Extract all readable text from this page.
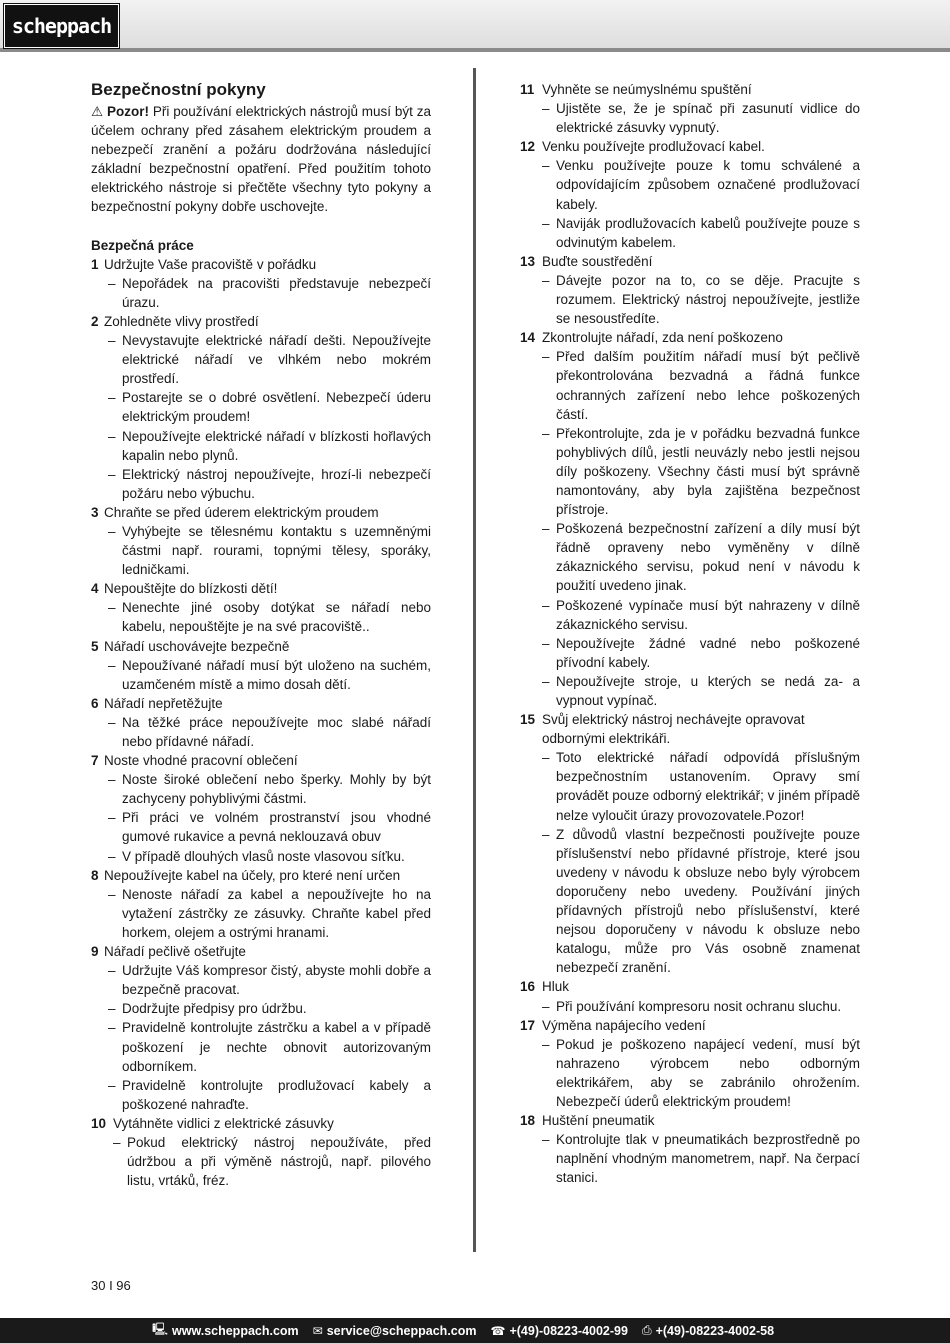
scheppach
Bezpečnostní pokyny
⚠ Pozor! Při používání elektrických nástrojů musí být za účelem ochrany před zásahem elektrickým proudem a nebezpečí zranění a požáru dodržována následující základní bezpečnostní opatření. Před použitím tohoto elektrického nástroje si přečtěte všechny tyto pokyny a bezpečnostní pokyny dobře uschovejte.
Bezpečná práce
1 Udržujte Vaše pracoviště v pořádku
– Nepořádek na pracovišti představuje nebezpečí úrazu.
2 Zohledněte vlivy prostředí
– Nevystavujte elektrické nářadí dešti. Nepoužívejte elektrické nářadí ve vlhkém nebo mokrém prostředí.
– Postarejte se o dobré osvětlení. Nebezpečí úderu elektrickým proudem!
– Nepoužívejte elektrické nářadí v blízkosti hořlavých kapalin nebo plynů.
– Elektrický nástroj nepoužívejte, hrozí-li nebezpečí požáru nebo výbuchu.
3 Chraňte se před úderem elektrickým proudem
– Vyhýbejte se tělesnému kontaktu s uzemněnými částmi např. rourami, topnými tělesy, sporáky, ledničkami.
4 Nepouštějte do blízkosti dětí!
– Nenechte jiné osoby dotýkat se nářadí nebo kabelu, nepouštějte je na své pracoviště..
5 Nářadí uschovávejte bezpečně
– Nepoužívané nářadí musí být uloženo na suchém, uzamčeném místě a mimo dosah dětí.
6 Nářadí nepřetěžujte
– Na těžké práce nepoužívejte moc slabé nářadí nebo přídavné nářadí.
7 Noste vhodné pracovní oblečení
– Noste široké oblečení nebo šperky. Mohly by být zachyceny pohyblivými částmi.
– Při práci ve volném prostranství jsou vhodné gumové rukavice a pevná neklouzavá obuv
– V případě dlouhých vlasů noste vlasovou síťku.
8 Nepoužívejte kabel na účely, pro které není určen
– Nenoste nářadí za kabel a nepoužívejte ho na vytažení zástrčky ze zásuvky. Chraňte kabel před horkem, olejem a ostrými hranami.
9 Nářadí pečlivě ošetřujte
– Udržujte Váš kompresor čistý, abyste mohli dobře a bezpečně pracovat.
– Dodržujte předpisy pro údržbu.
– Pravidelně kontrolujte zástrčku a kabel a v případě poškození je nechte obnovit autorizovaným odborníkem.
– Pravidelně kontrolujte prodlužovací kabely a poškozené nahraďte.
10 Vytáhněte vidlici z elektrické zásuvky
– Pokud elektrický nástroj nepoužíváte, před údržbou a při výměně nástrojů, např. pilového listu, vrtáků, fréz.
11 Vyhněte se neúmyslnému spuštění
– Ujistěte se, že je spínač při zasunutí vidlice do elektrické zásuvky vypnutý.
12 Venku používejte prodlužovací kabel.
– Venku používejte pouze k tomu schválené a odpovídajícím způsobem označené prodlužovací kabely.
– Naviják prodlužovacích kabelů používejte pouze s odvinutým kabelem.
13 Buďte soustředění
– Dávejte pozor na to, co se děje. Pracujte s rozumem. Elektrický nástroj nepoužívejte, jestliže se nesoustředíte.
14 Zkontrolujte nářadí, zda není poškozeno
– Před dalším použitím nářadí musí být pečlivě překontrolována bezvadná a řádná funkce ochranných zařízení nebo lehce poškozených částí.
– Překontrolujte, zda je v pořádku bezvadná funkce pohyblivých dílů, jestli neuvázly nebo jestli nejsou díly poškozeny. Všechny části musí být správně namontovány, aby byla zajištěna bezpečnost přístroje.
– Poškozená bezpečnostní zařízení a díly musí být řádně opraveny nebo vyměněny v dílně zákaznického servisu, pokud není v návodu k použití uvedeno jinak.
– Poškozené vypínače musí být nahrazeny v dílně zákaznického servisu.
– Nepoužívejte žádné vadné nebo poškozené přívodní kabely.
– Nepoužívejte stroje, u kterých se nedá za- a vypnout vypínač.
15 Svůj elektrický nástroj nechávejte opravovat odbornými elektrikáři.
– Toto elektrické nářadí odpovídá příslušným bezpečnostním ustanovením. Opravy smí provádět pouze odborný elektrikář; v jiném případě nelze vyloučit úrazy provozovatele.Pozor!
– Z důvodů vlastní bezpečnosti používejte pouze příslušenství nebo přídavné přístroje, které jsou uvedeny v návodu k obsluze nebo byly výrobcem doporučeny nebo uvedeny. Používání jiných přídavných přístrojů nebo příslušenství, které nejsou doporučeny v návodu k obsluze nebo katalogu, může pro Vás osobně znamenat nebezpečí zranění.
16 Hluk
– Při používání kompresoru nosit ochranu sluchu.
17 Výměna napájecího vedení
– Pokud je poškozeno napájecí vedení, musí být nahrazeno výrobcem nebo odborným elektrikářem, aby se zabránilo ohrožením. Nebezpečí úderů elektrickým proudem!
18 Huštění pneumatik
– Kontrolujte tlak v pneumatikách bezprostředně po naplnění vhodným manometrem, např. Na čerpací stanici.
30 I 96
🖳 www.scheppach.com ✉ service@scheppach.com ☎ +(49)-08223-4002-99 ⎙ +(49)-08223-4002-58
